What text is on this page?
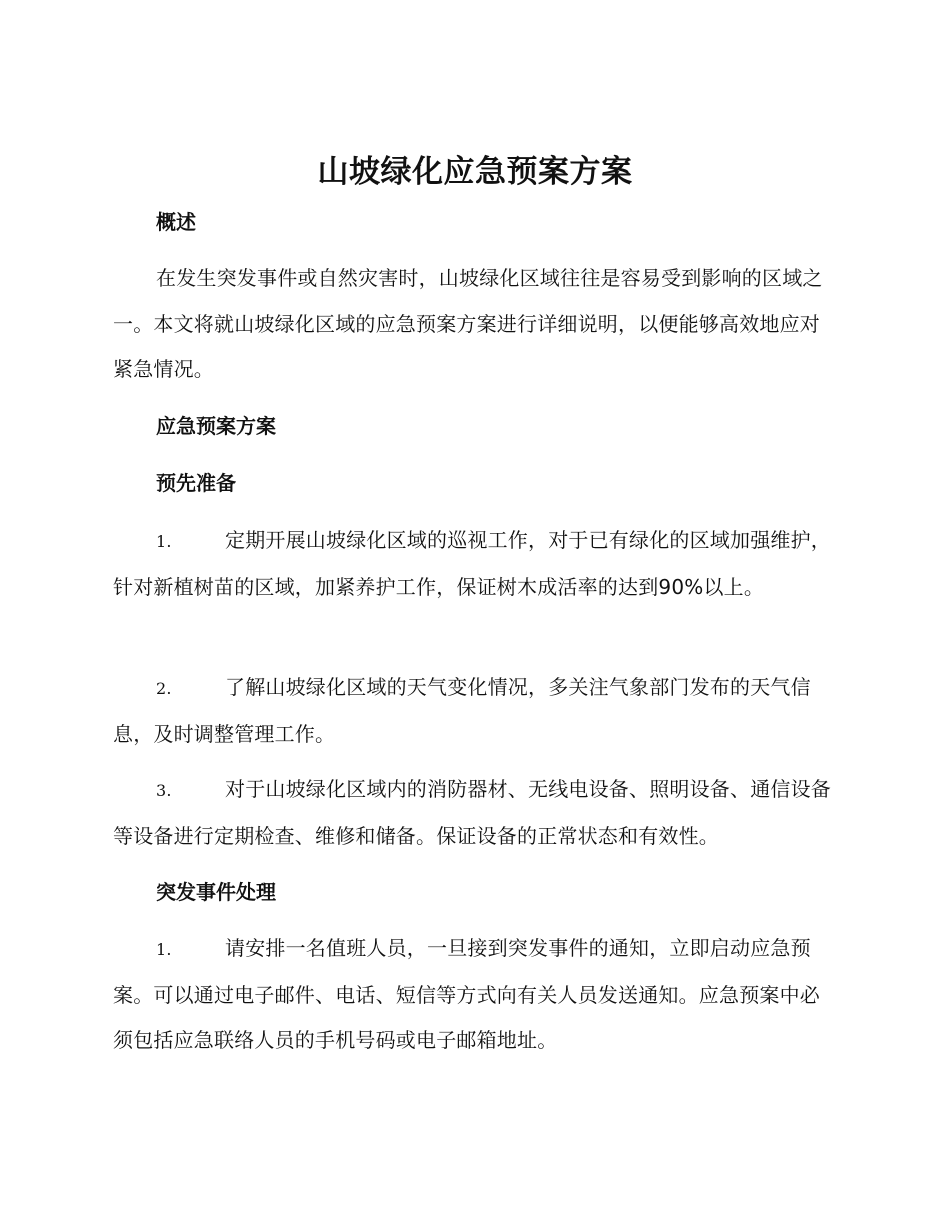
山坡绿化应急预案方案
概述
在发生突发事件或自然灾害时，山坡绿化区域往往是容易受到影响的区域之一。本文将就山坡绿化区域的应急预案方案进行详细说明，以便能够高效地应对紧急情况。
应急预案方案
预先准备
1.	定期开展山坡绿化区域的巡视工作，对于已有绿化的区域加强维护，针对新植树苗的区域，加紧养护工作，保证树木成活率的达到90%以上。
2.	了解山坡绿化区域的天气变化情况，多关注气象部门发布的天气信息，及时调整管理工作。
3.	对于山坡绿化区域内的消防器材、无线电设备、照明设备、通信设备等设备进行定期检查、维修和储备。保证设备的正常状态和有效性。
突发事件处理
1.	请安排一名值班人员，一旦接到突发事件的通知，立即启动应急预案。可以通过电子邮件、电话、短信等方式向有关人员发送通知。应急预案中必须包括应急联络人员的手机号码或电子邮箱地址。
